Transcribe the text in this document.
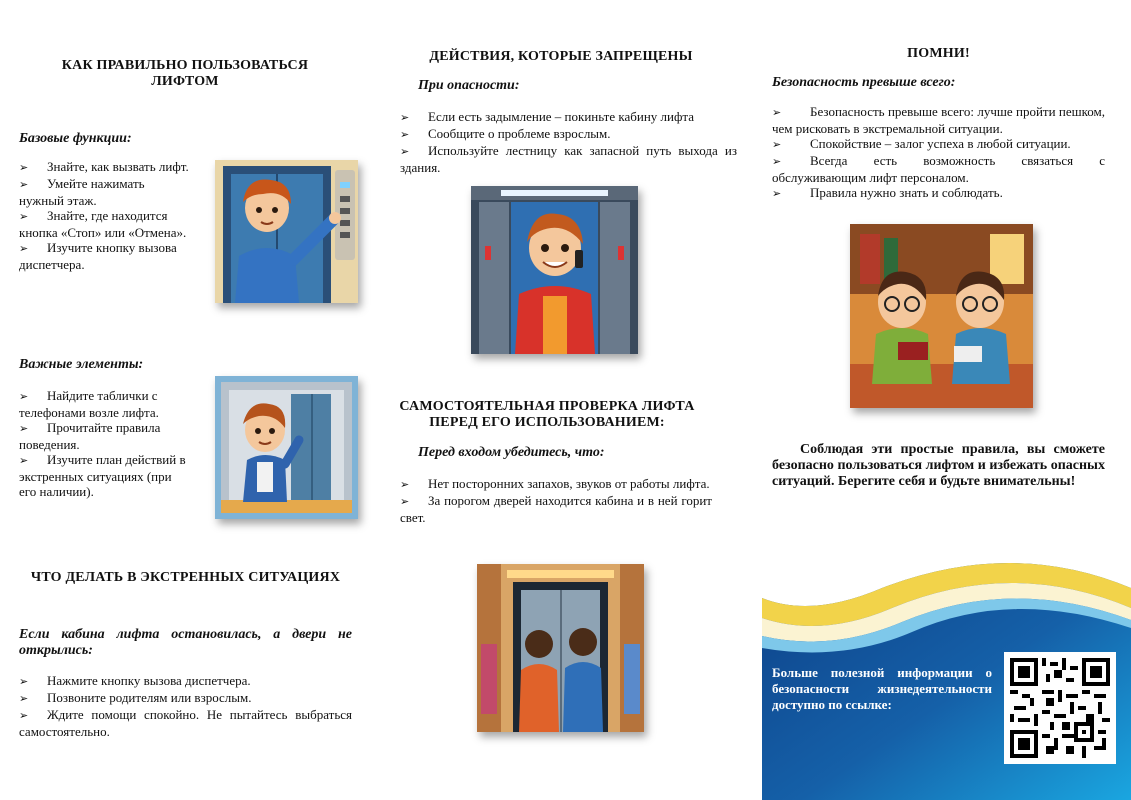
КАК ПРАВИЛЬНО ПОЛЬЗОВАТЬСЯ
ЛИФТОМ
Базовые функции:
➢ Знайте, как вызвать лифт.
➢ Умейте нажимать нужный этаж.
➢ Знайте, где находится кнопка «Стоп» или «Отмена».
➢ Изучите кнопку вызова диспетчера.
Важные элементы:
➢ Найдите таблички с телефонами возле лифта.
➢ Прочитайте правила поведения.
➢ Изучите план действий в экстренных ситуациях (при его наличии).
ЧТО ДЕЛАТЬ В ЭКСТРЕННЫХ СИТУАЦИЯХ
Если кабина лифта остановилась, а двери не открылись:
➢ Нажмите кнопку вызова диспетчера.
➢ Позвоните родителям или взрослым.
➢ Ждите помощи спокойно. Не пытайтесь выбраться самостоятельно.
ДЕЙСТВИЯ, КОТОРЫЕ ЗАПРЕЩЕНЫ
При опасности:
➢ Если есть задымление – покиньте кабину лифта
➢ Сообщите о проблеме взрослым.
➢ Используйте лестницу как запасной путь выхода из здания.
САМОСТОЯТЕЛЬНАЯ ПРОВЕРКА ЛИФТА
ПЕРЕД ЕГО ИСПОЛЬЗОВАНИЕМ:
Перед входом убедитесь, что:
➢ Нет посторонних запахов, звуков от работы лифта.
➢ За порогом дверей находится кабина и в ней горит свет.
ПОМНИ!
Безопасность превыше всего:
➢ Безопасность превыше всего: лучше пройти пешком, чем рисковать в экстремальной ситуации.
➢ Спокойствие – залог успеха в любой ситуации.
➢ Всегда есть возможность связаться с обслуживающим лифт персоналом.
➢ Правила нужно знать и соблюдать.
Соблюдая эти простые правила, вы сможете безопасно пользоваться лифтом и избежать опасных ситуаций. Берегите себя и будьте внимательны!
Больше полезной информации о безопасности жизнедеятельности доступно по ссылке:
